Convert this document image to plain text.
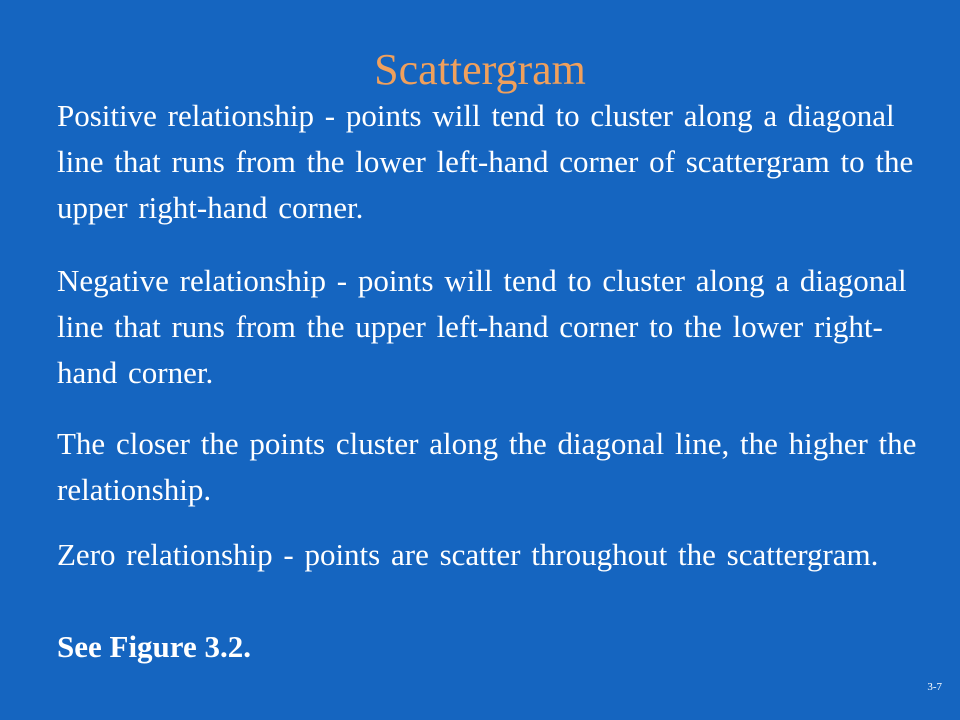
Scattergram
Positive relationship - points will tend to cluster along a diagonal line that runs from the lower left-hand corner of scattergram to the upper right-hand corner.
Negative relationship - points will tend to cluster along a diagonal line that runs from the upper left-hand corner to the lower right-hand corner.
The closer the points cluster along the diagonal line, the higher the relationship.
Zero relationship - points are scatter throughout the scattergram.
See Figure 3.2.
3-7
